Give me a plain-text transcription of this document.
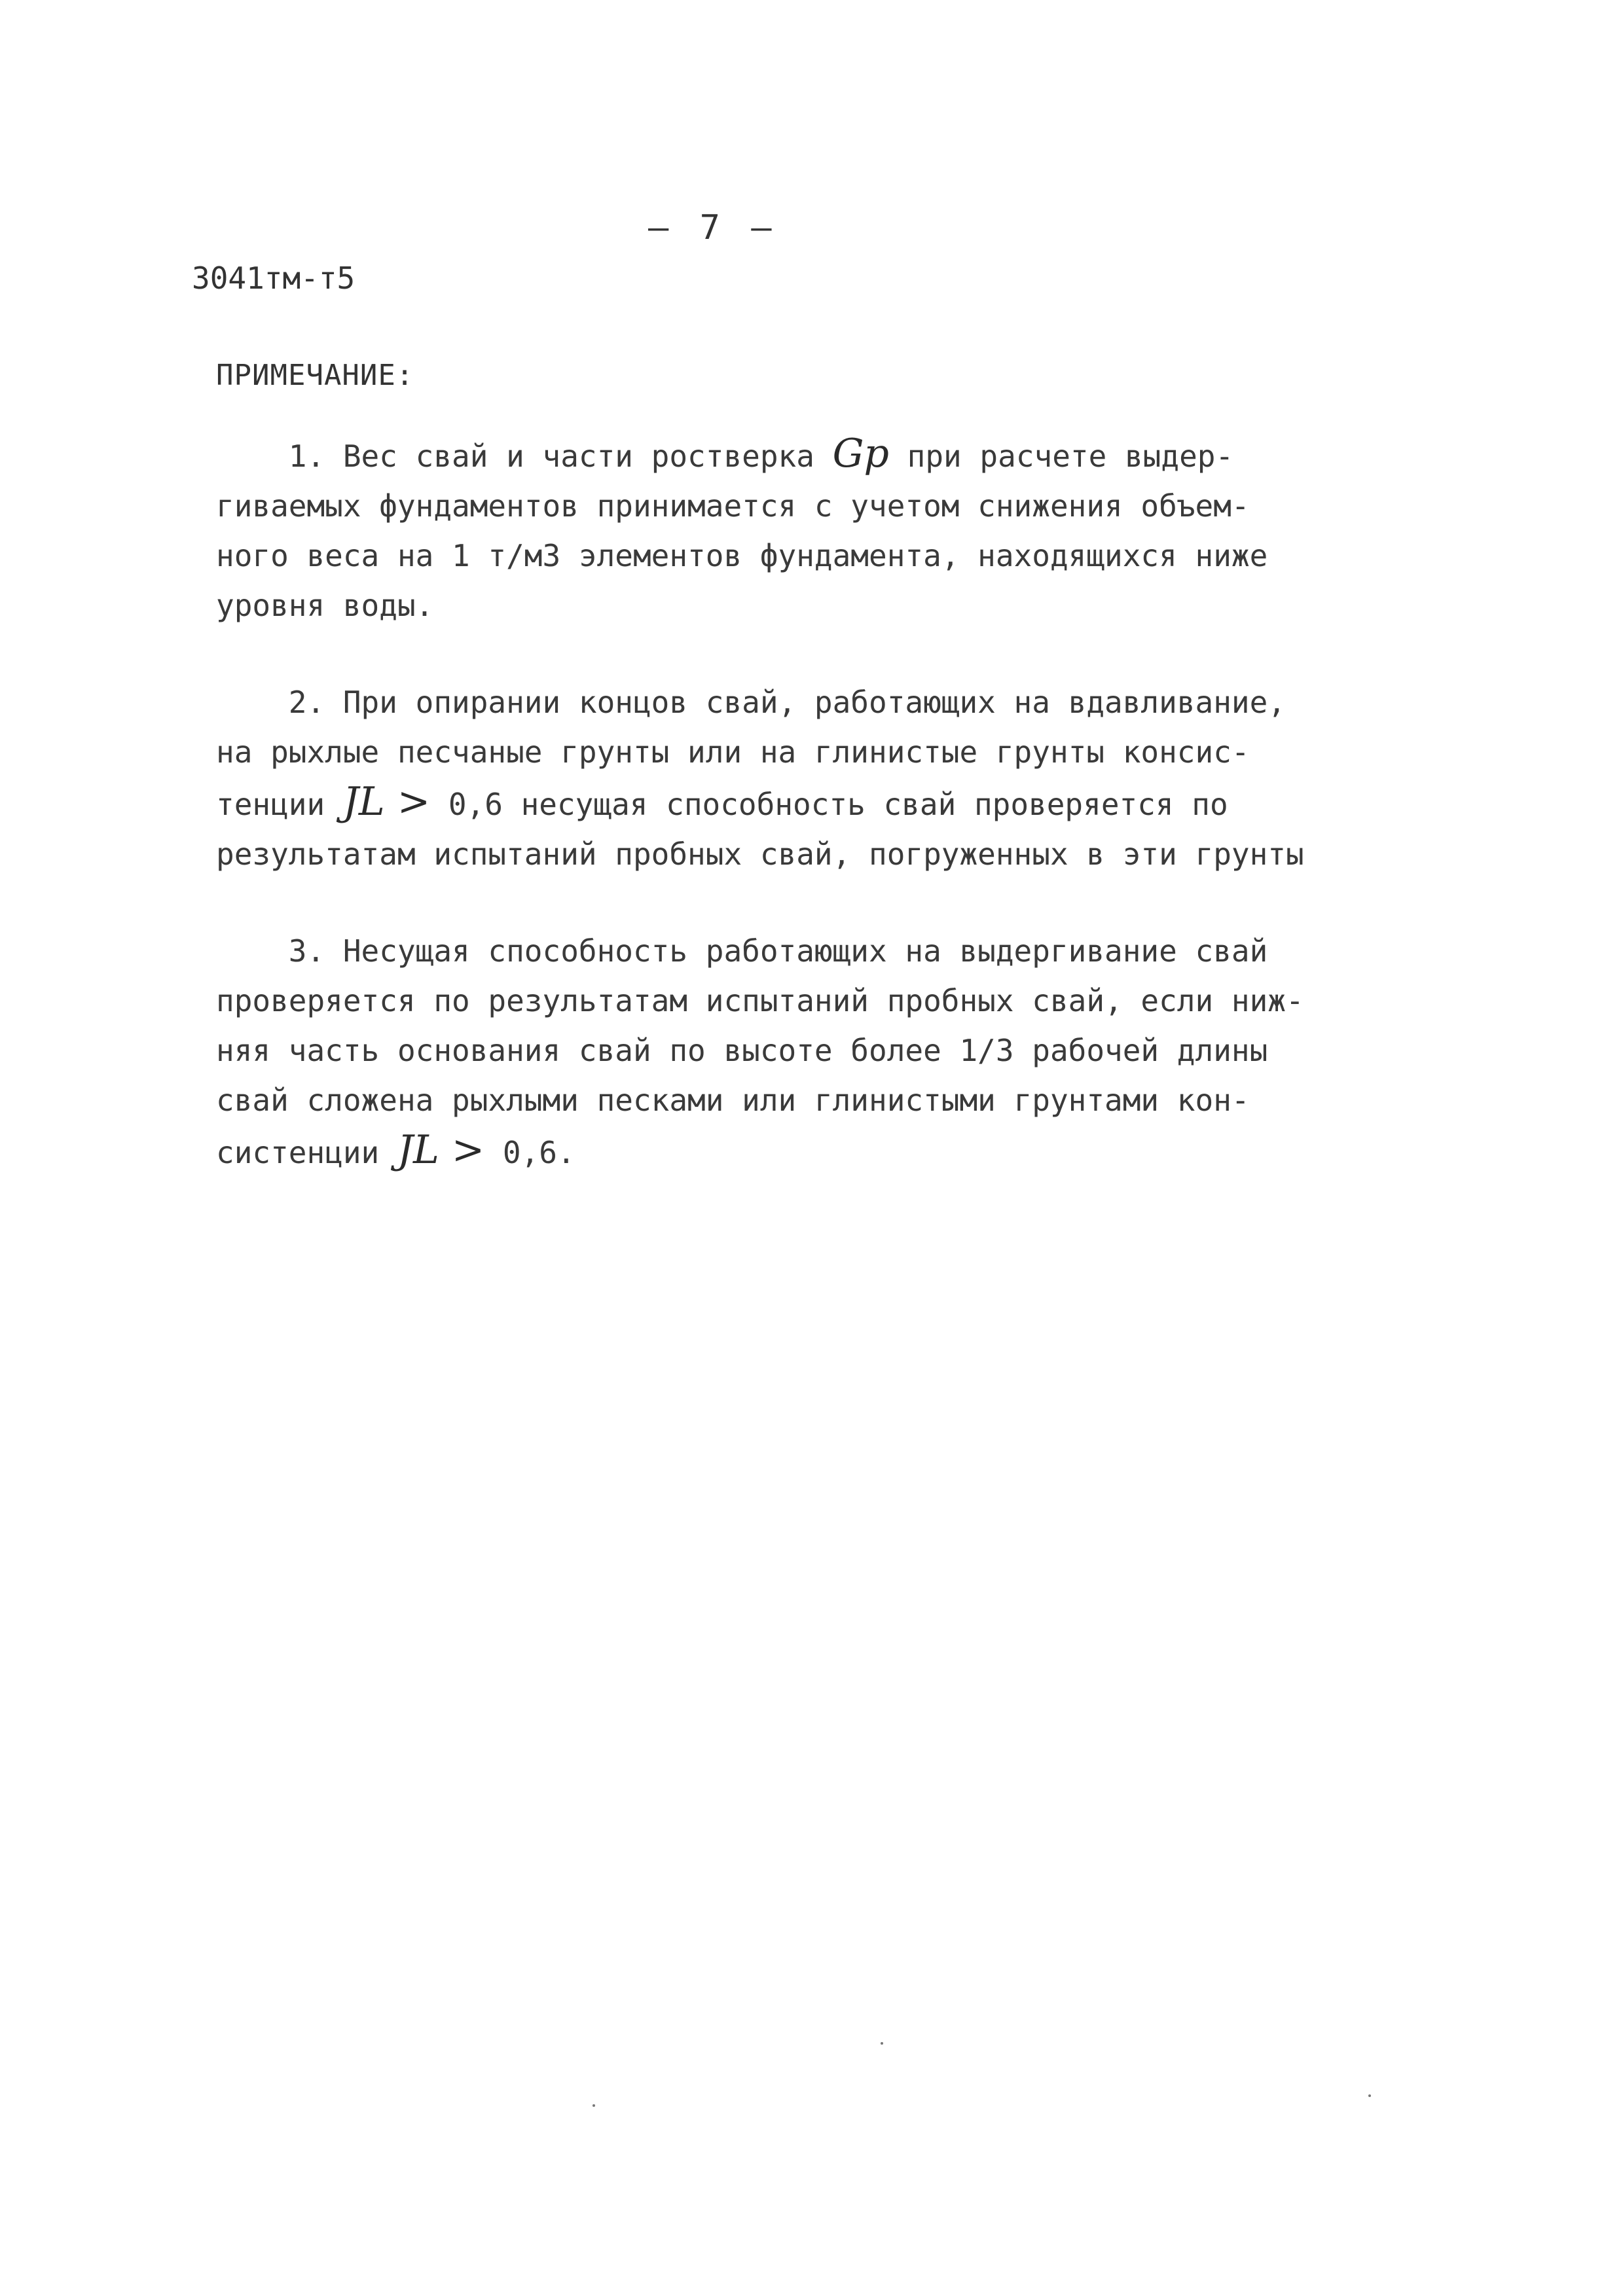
– 7 –
3041тм-т5
ПРИМЕЧАНИЕ:
1. Вес свай и части ростверка Gр при расчете выдер-
гиваемых фундаментов принимается с учетом снижения объем-
ного веса на 1 т/м3 элементов фундамента, находящихся ниже
уровня воды.
2. При опирании концов свай, работающих на вдавливание,
на рыхлые песчаные грунты или на глинистые грунты консис-
тенции JL > 0,6 несущая способность свай проверяется по
результатам испытаний пробных свай, погруженных в эти грунты
3. Несущая способность работающих на выдергивание свай
проверяется по результатам испытаний пробных свай, если ниж-
няя часть основания свай по высоте более 1/3 рабочей длины
свай сложена рыхлыми песками или глинистыми грунтами кон-
систенции JL > 0,6.
